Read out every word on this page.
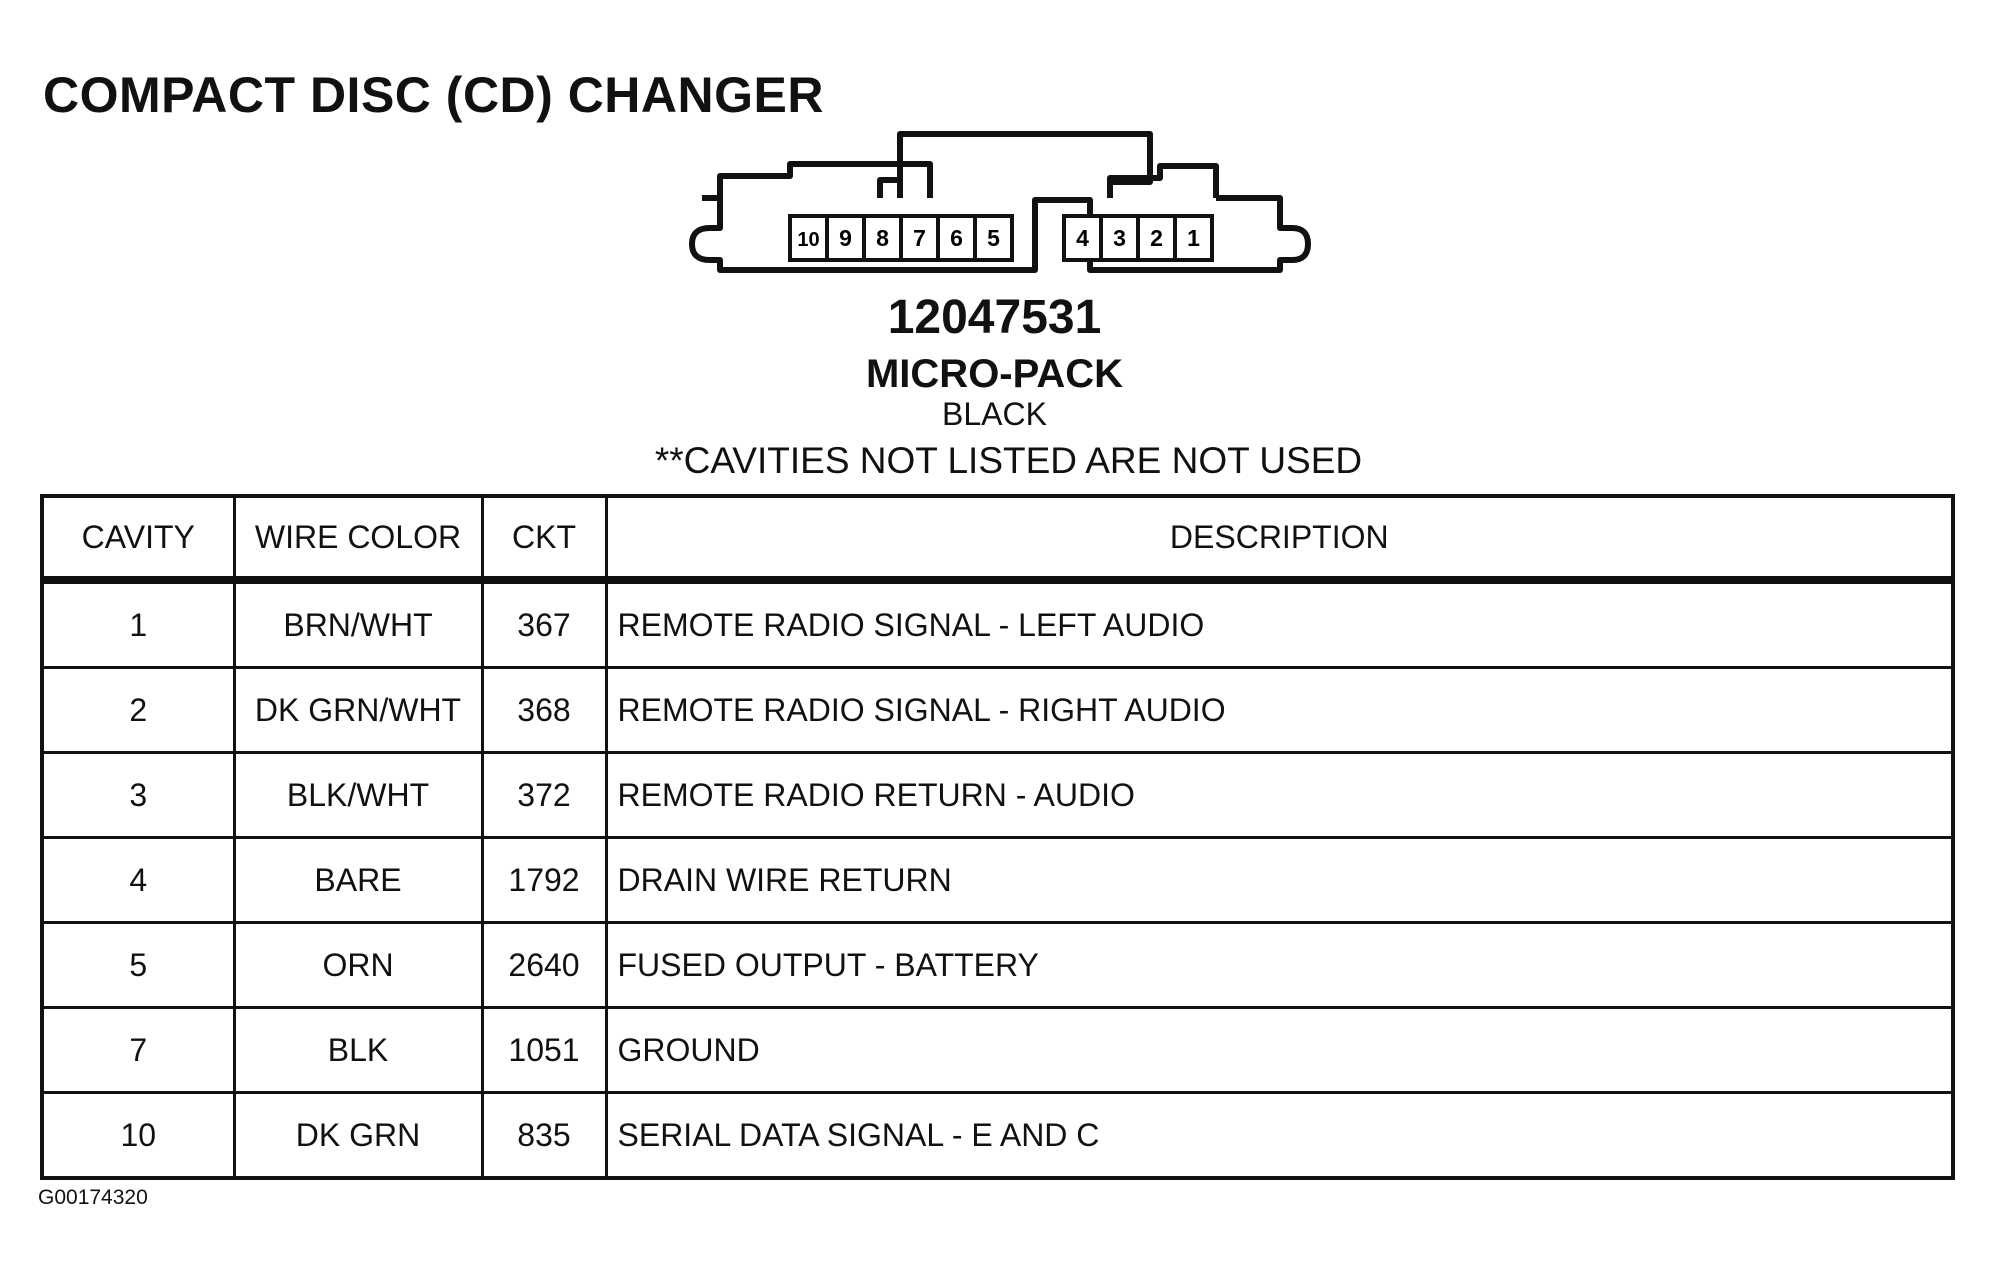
COMPACT DISC (CD) CHANGER
10 9 8 7 6 5	4 3 2 1
12047531
MICRO-PACK
BLACK
**CAVITIES NOT LISTED ARE NOT USED
CAVITY	WIRE COLOR	CKT	DESCRIPTION
1	BRN/WHT	367	REMOTE RADIO SIGNAL - LEFT AUDIO
2	DK GRN/WHT	368	REMOTE RADIO SIGNAL - RIGHT AUDIO
3	BLK/WHT	372	REMOTE RADIO RETURN - AUDIO
4	BARE	1792	DRAIN WIRE RETURN
5	ORN	2640	FUSED OUTPUT - BATTERY
7	BLK	1051	GROUND
10	DK GRN	835	SERIAL DATA SIGNAL - E AND C
G00174320
